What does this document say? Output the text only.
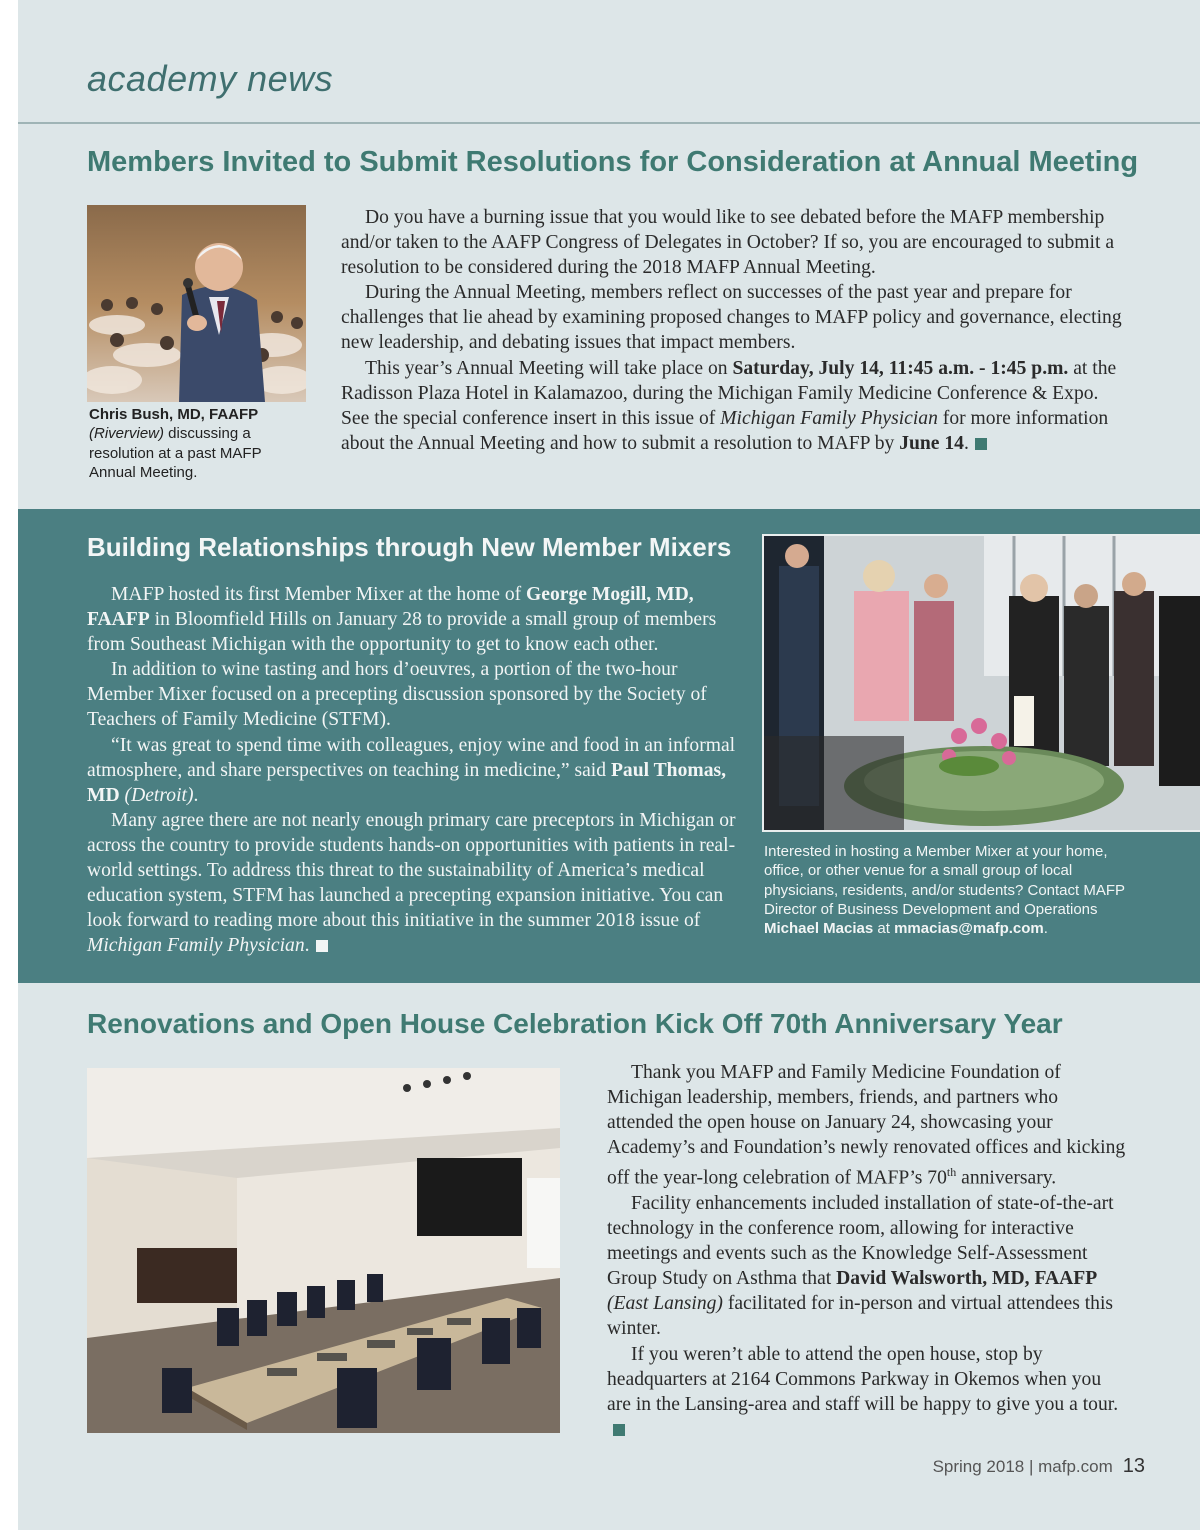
academy news
Members Invited to Submit Resolutions for Consideration at Annual Meeting
Chris Bush, MD, FAAFP
(Riverview) discussing a resolution at a past MAFP Annual Meeting.

Do you have a burning issue that you would like to see debated before the MAFP membership and/or taken to the AAFP Congress of Delegates in October? If so, you are encouraged to submit a resolution to be considered during the 2018 MAFP Annual Meeting.

During the Annual Meeting, members reflect on successes of the past year and prepare for challenges that lie ahead by examining proposed changes to MAFP policy and governance, electing new leadership, and debating issues that impact members.

This year’s Annual Meeting will take place on Saturday, July 14, 11:45 a.m. - 1:45 p.m. at the Radisson Plaza Hotel in Kalamazoo, during the Michigan Family Medicine Conference & Expo. See the special conference insert in this issue of Michigan Family Physician for more information about the Annual Meeting and how to submit a resolution to MAFP by June 14.

Building Relationships through New Member Mixers

MAFP hosted its first Member Mixer at the home of George Mogill, MD, FAAFP in Bloomfield Hills on January 28 to provide a small group of members from Southeast Michigan with the opportunity to get to know each other.

In addition to wine tasting and hors d’oeuvres, a portion of the two-hour Member Mixer focused on a precepting discussion sponsored by the Society of Teachers of Family Medicine (STFM).

“It was great to spend time with colleagues, enjoy wine and food in an informal atmosphere, and share perspectives on teaching in medicine,” said Paul Thomas, MD (Detroit).

Many agree there are not nearly enough primary care preceptors in Michigan or across the country to provide students hands-on opportunities with patients in real-world settings. To address this threat to the sustainability of America’s medical education system, STFM has launched a precepting expansion initiative. You can look forward to reading more about this initiative in the summer 2018 issue of Michigan Family Physician.

Interested in hosting a Member Mixer at your home, office, or other venue for a small group of local physicians, residents, and/or students? Contact MAFP Director of Business Development and Operations Michael Macias at mmacias@mafp.com.
Renovations and Open House Celebration Kick Off 70th Anniversary Year

Thank you MAFP and Family Medicine Foundation of Michigan leadership, members, friends, and partners who attended the open house on January 24, showcasing your Academy’s and Foundation’s newly renovated offices and kicking off the year-long celebration of MAFP’s 70th anniversary.

Facility enhancements included installation of state-of-the-art technology in the conference room, allowing for interactive meetings and events such as the Knowledge Self-Assessment Group Study on Asthma that David Walsworth, MD, FAAFP (East Lansing) facilitated for in-person and virtual attendees this winter.

If you weren’t able to attend the open house, stop by headquarters at 2164 Commons Parkway in Okemos when you are in the Lansing-area and staff will be happy to give you a tour.

Spring 2018 | mafp.com 13
